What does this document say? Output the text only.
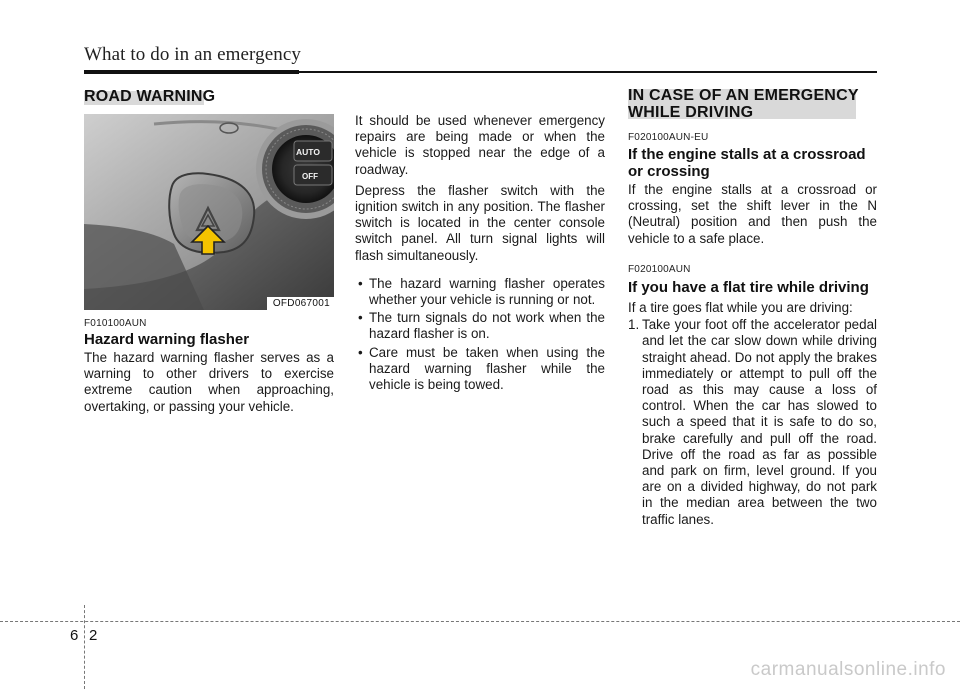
What to do in an emergency
ROAD WARNING
AUTO
OFF
OFD067001
F010100AUN
Hazard warning flasher

The hazard warning flasher serves as a warning to other drivers to exercise extreme caution when approaching, overtaking, or passing your vehicle.

It should be used whenever emergency repairs are being made or when the vehicle is stopped near the edge of a roadway.

Depress the flasher switch with the ignition switch in any position. The flasher switch is located in the center console switch panel. All turn signal lights will flash simultaneously.

• The hazard warning flasher operates whether your vehicle is running or not.
• The turn signals do not work when the hazard flasher is on.
• Care must be taken when using the hazard warning flasher while the vehicle is being towed.
IN CASE OF AN EMERGENCY
WHILE DRIVING
F020100AUN-EU
If the engine stalls at a crossroad
or crossing

If the engine stalls at a crossroad or crossing, set the shift lever in the N (Neutral) position and then push the vehicle to a safe place.

F020100AUN
If you have a flat tire while driving

If a tire goes flat while you are driving:

1. Take your foot off the accelerator pedal and let the car slow down while driving straight ahead. Do not apply the brakes immediately or attempt to pull off the road as this may cause a loss of control. When the car has slowed to such a speed that it is safe to do so, brake carefully and pull off the road. Drive off the road as far as possible and park on firm, level ground. If you are on a divided highway, do not park in the median area between the two traffic lanes.
6 2
carmanualsonline.info
